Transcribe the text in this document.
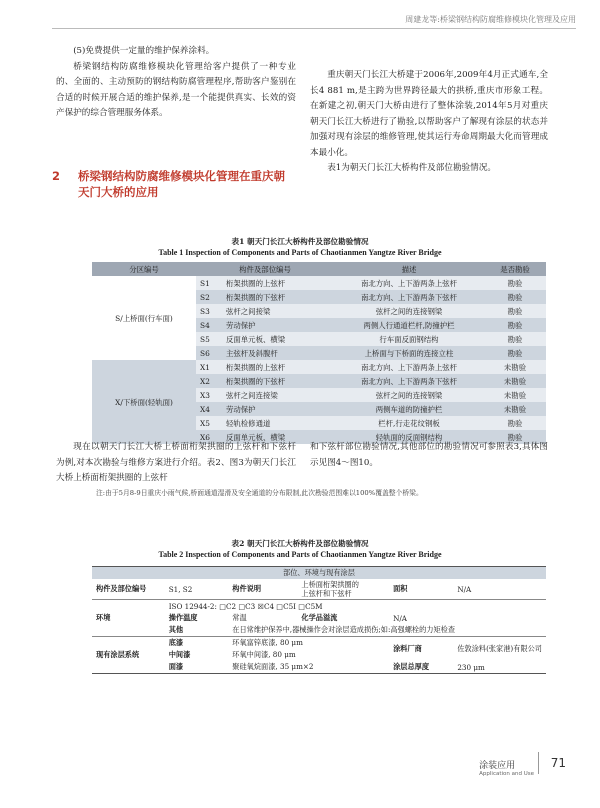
周建龙等:桥梁钢结构防腐维修模块化管理及应用

(5)免费提供一定量的维护保养涂料。

桥梁钢结构防腐维修模块化管理给客户提供了一种专业的、全面的、主动预防的钢结构防腐管理程序,帮助客户鉴别在合适的时候开展合适的维护保养,是一个能提供真实、长效的资产保护的综合管理服务体系。

2 桥梁钢结构防腐维修模块化管理在重庆朝天门大桥的应用

重庆朝天门长江大桥建于2006年,2009年4月正式通车,全长4 881 m,是主跨为世界跨径最大的拱桥,重庆市形象工程。在新建之初,朝天门大桥由进行了整体涂装,2014年5月对重庆朝天门长江大桥进行了勘验,以帮助客户了解现有涂层的状态并加强对现有涂层的维修管理,使其运行寿命周期最大化而管理成本最小化。

表1为朝天门长江大桥构件及部位勘验情况。

表1 朝天门长江大桥构件及部位勘验情况
Table 1 Inspection of Components and Parts of Chaotianmen Yangtze River Bridge
分区编号	构件及部位编号		描述	是否勘验
S/上桥面(行车面)	S1	桁架拱圈的上弦杆	南北方向、上下游两条上弦杆	勘验
	S2	桁架拱圈的下弦杆	南北方向、上下游两条下弦杆	勘验
	S3	弦杆之间接梁	弦杆之间的连接钢梁	勘验
	S4	劳动保护	两侧人行通道栏杆,防撞护栏	勘验
	S5	反面单元板、横梁	行车面反面钢结构	勘验
	S6	主弦杆及斜腹杆	上桥面与下桥面的连接立柱	勘验
X/下桥面(轻轨面)	X1	桁架拱圈的上弦杆	南北方向、上下游两条上弦杆	未勘验
	X2	桁架拱圈的下弦杆	南北方向、上下游两条下弦杆	未勘验
	X3	弦杆之间连接梁	弦杆之间的连接钢梁	未勘验
	X4	劳动保护	两侧车道的防撞护栏	未勘验
	X5	轻轨检修通道	栏杆,行走花纹钢板	勘验
	X6	反面单元板、横梁	轻轨面的反面钢结构	勘验
注:由于5月8-9日重庆小雨气候,桥面通道湿滑及安全通道的分布限制,此次勘验范围难以100%覆盖整个桥梁。

现在以朝天门长江大桥上桥面桁架拱圈的上弦杆和下弦杆为例,对本次勘验与维修方案进行介绍。表2、图3为朝天门长江大桥上桥面桁架拱圈的上弦杆

和下弦杆部位勘验情况,其他部位的勘验情况可参照表3,具体图示见图4～图10。

表2 朝天门长江大桥构件及部位勘验情况
Table 2 Inspection of Components and Parts of Chaotianmen Yangtze River Bridge
部位、环境与现有涂层					
构件及部位编号	S1, S2	构件说明	上桥面桁架拱圈的
上弦杆和下弦杆	面积	N/A
环境	ISO 12944-2: □C2 □C3 ☒C4 □C5I □C5M				
	操作温度	常温	化学品溢流	N/A	
	其他	在日常维护保养中,器械操作会对涂层造成损伤;如:高强螺栓的力矩检查			
现有涂层系统	底漆	环氧富锌底漆, 80 μm		涂料厂商	佐敦涂料(张家港)有限公司
	中间漆	环氧中间漆, 80 μm			
	面漆	聚硅氧烷面漆, 35 μm×2		涂层总厚度	230 μm
涂装应用
Application and Use
71
